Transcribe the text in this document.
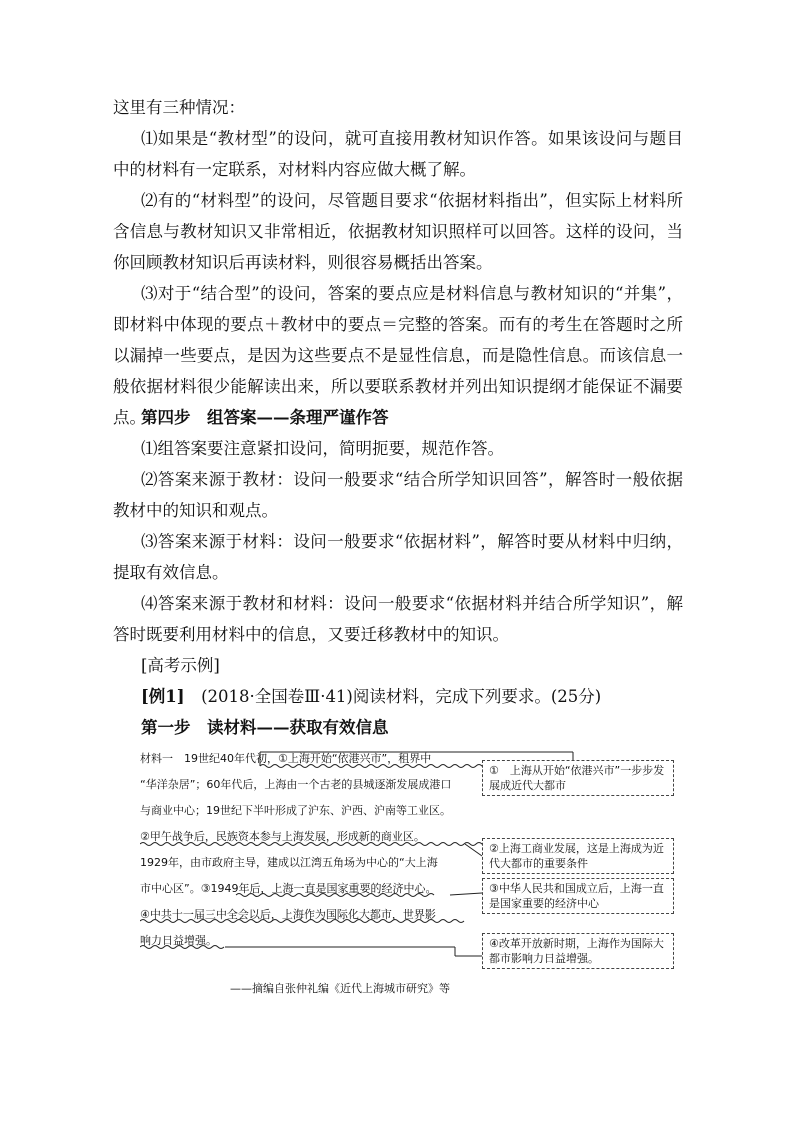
这里有三种情况：

⑴如果是“教材型”的设问，就可直接用教材知识作答。如果该设问与题目中的材料有一定联系，对材料内容应做大概了解。

⑵有的“材料型”的设问，尽管题目要求“依据材料指出”，但实际上材料所含信息与教材知识又非常相近，依据教材知识照样可以回答。这样的设问，当你回顾教材知识后再读材料，则很容易概括出答案。

⑶对于“结合型”的设问，答案的要点应是材料信息与教材知识的“并集”，即材料中体现的要点＋教材中的要点＝完整的答案。而有的考生在答题时之所以漏掉一些要点，是因为这些要点不是显性信息，而是隐性信息。而该信息一般依据材料很少能解读出来，所以要联系教材并列出知识提纲才能保证不漏要点。

第四步　组答案——条理严谨作答

⑴组答案要注意紧扣设问，简明扼要，规范作答。

⑵答案来源于教材：设问一般要求“结合所学知识回答”，解答时一般依据教材中的知识和观点。

⑶答案来源于材料：设问一般要求“依据材料”，解答时要从材料中归纳，提取有效信息。

⑷答案来源于教材和材料：设问一般要求“依据材料并结合所学知识”，解答时既要利用材料中的信息，又要迁移教材中的知识。

[高考示例]

[例1]　(2018·全国卷Ⅲ·41)阅读材料，完成下列要求。(25分)

第一步　读材料——获取有效信息

材料一　19世纪40年代初，①上海开始“依港兴市”，租界中
“华洋杂居”；60年代后，上海由一个古老的县城逐渐发展成港口
与商业中心；19世纪下半叶形成了沪东、沪西、沪南等工业区。
②甲午战争后，民族资本参与上海发展，形成新的商业区。
1929年，由市政府主导，建成以江湾五角场为中心的“大上海
市中心区”。③1949年后，上海一直是国家重要的经济中心。
④中共十一届三中全会以后，上海作为国际化大都市，世界影
响力日益增强。
——摘编自张仲礼编《近代上海城市研究》等
①　上海从开始“依港兴市”一步步发展成近代大都市
②上海工商业发展，这是上海成为近代大都市的重要条件
③中华人民共和国成立后，上海一直是国家重要的经济中心
④改革开放新时期，上海作为国际大都市影响力日益增强。
